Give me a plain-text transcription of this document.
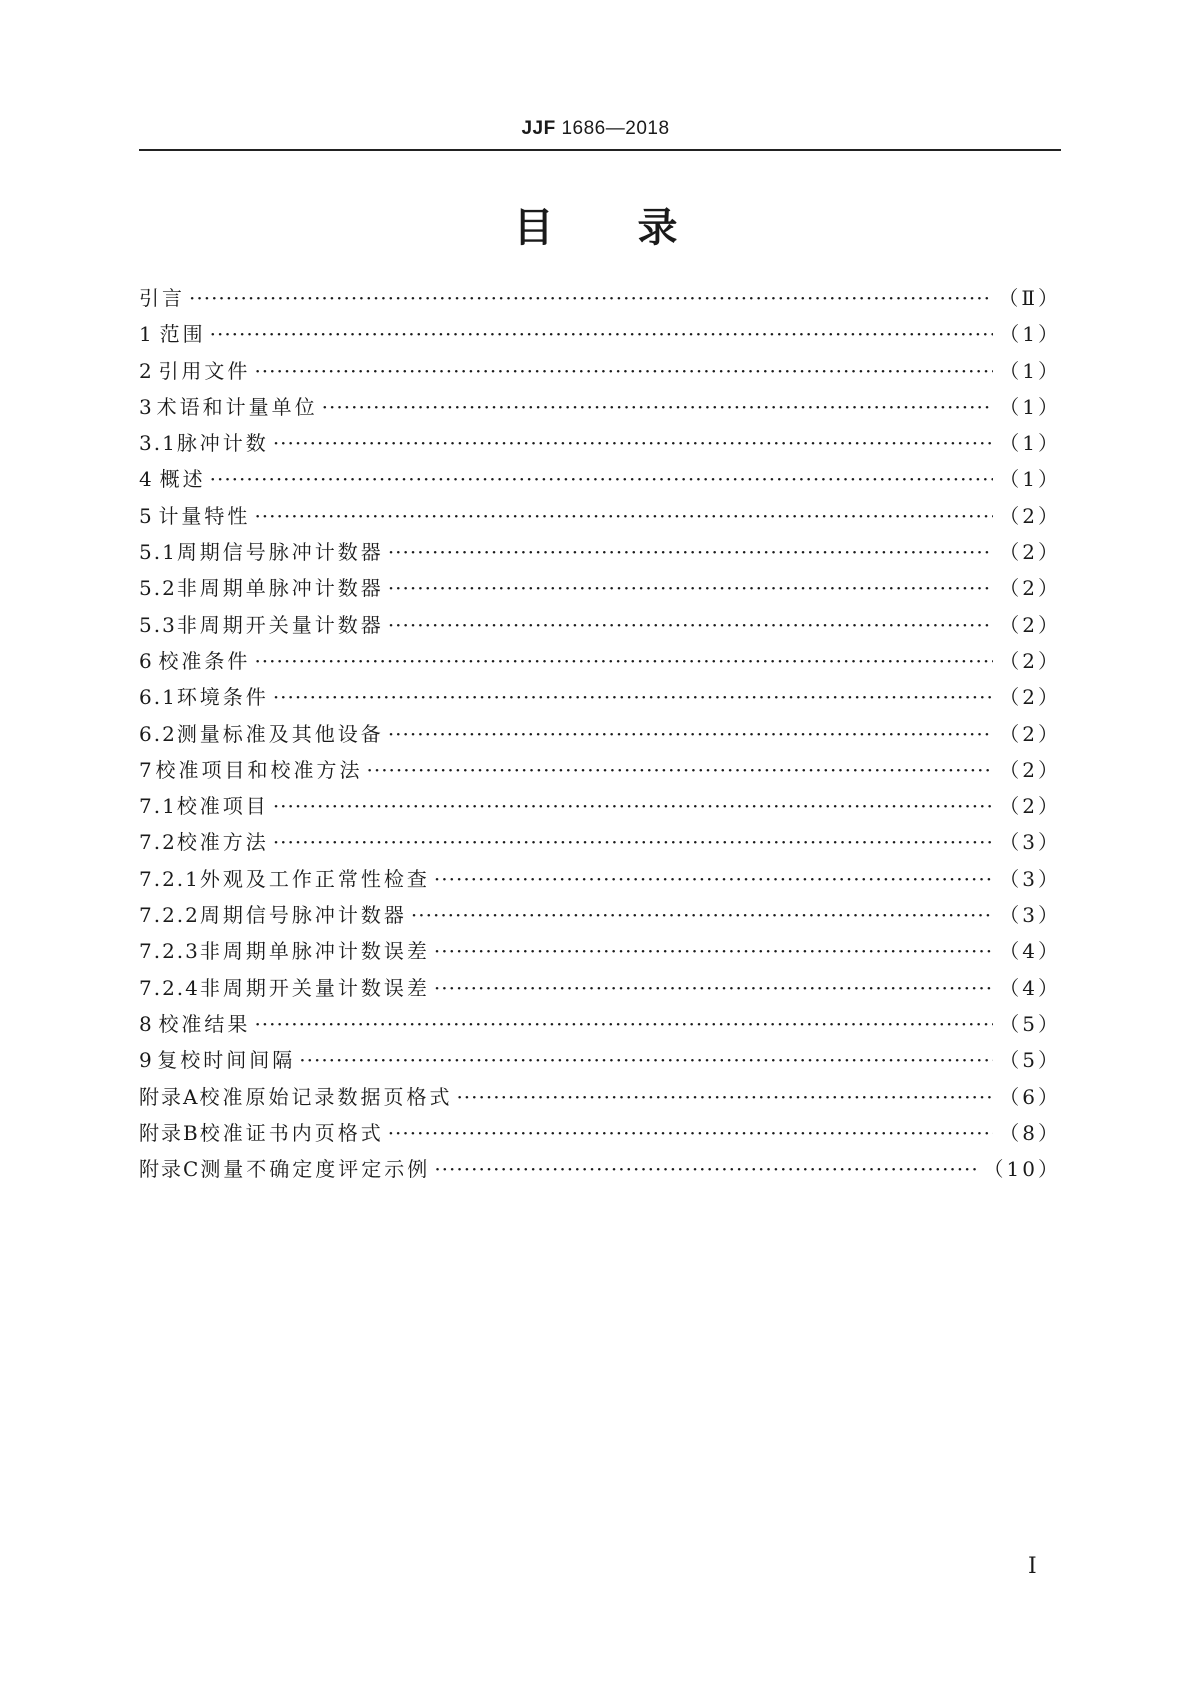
JJF 1686—2018
目录
引言 ·····	（Ⅱ）
1 范围 ·····	（1）
2 引用文件 ·····	（1）
3 术语和计量单位 ·····	（1）
3.1 脉冲计数 ·····	（1）
4 概述 ·····	（1）
5 计量特性 ·····	（2）
5.1 周期信号脉冲计数器 ·····	（2）
5.2 非周期单脉冲计数器 ·····	（2）
5.3 非周期开关量计数器 ·····	（2）
6 校准条件 ·····	（2）
6.1 环境条件 ·····	（2）
6.2 测量标准及其他设备 ·····	（2）
7 校准项目和校准方法 ·····	（2）
7.1 校准项目 ·····	（2）
7.2 校准方法 ·····	（3）
7.2.1 外观及工作正常性检查 ·····	（3）
7.2.2 周期信号脉冲计数器 ·····	（3）
7.2.3 非周期单脉冲计数误差 ·····	（4）
7.2.4 非周期开关量计数误差 ·····	（4）
8 校准结果 ·····	（5）
9 复校时间间隔 ·····	（5）
附录A 校准原始记录数据页格式 ·····	（6）
附录B 校准证书内页格式 ·····	（8）
附录C 测量不确定度评定示例 ·····	（10）
I
